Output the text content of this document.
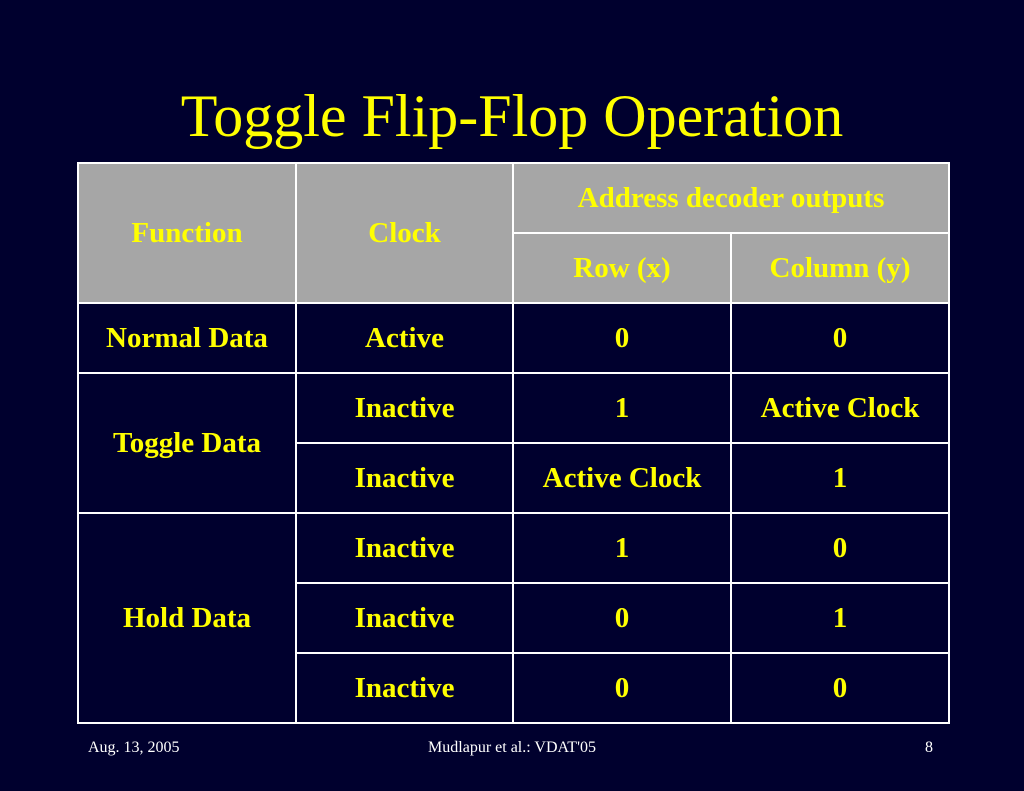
Toggle Flip-Flop Operation
Function	Clock	Address decoder outputs	
		Row (x)	Column (y)
Normal Data	Active	0	0
Toggle Data	Inactive	1	Active Clock
	Inactive	Active Clock	1
Hold Data	Inactive	1	0
	Inactive	0	1
	Inactive	0	0
Aug. 13, 2005	Mudlapur et al.: VDAT'05	8
